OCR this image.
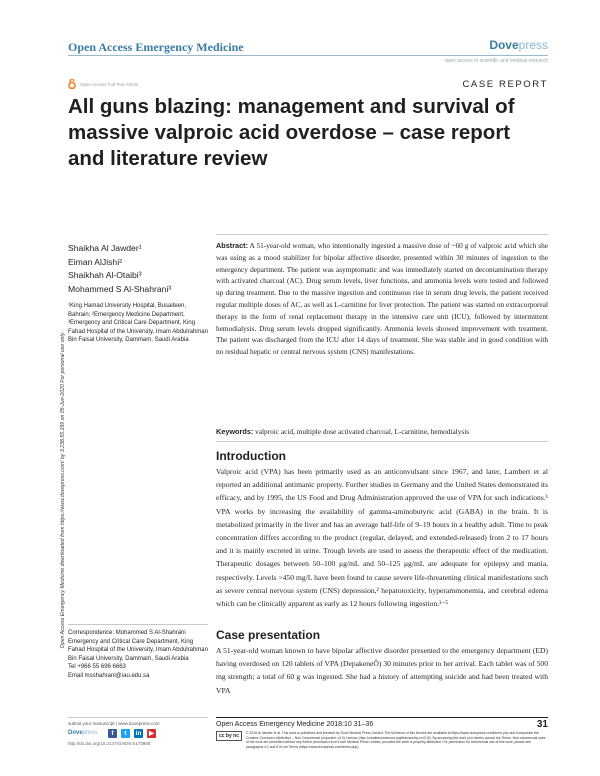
Open Access Emergency Medicine	Dovepress
open access to scientific and medical research
Open Access Full Text Article	CASE REPORT
All guns blazing: management and survival of massive valproic acid overdose – case report and literature review
Open Access Emergency Medicine downloaded from https://www.dovepress.com/ by 3.238.55.199 on 05-Jun-2020 For personal use only.
Shaikha Al Jawder¹
Eiman AlJishi²
Shaikhah Al-Otaibi³
Mohammed S Al-Shahrani³
¹King Hamad University Hospital, Busaiteen, Bahrain; ²Emergency Medicine Department, ³Emergency and Critical Care Department, King Fahad Hospital of the University, Imam Abdulrahman Bin Faisal University, Dammam, Saudi Arabia
Abstract: A 51-year-old woman, who intentionally ingested a massive dose of ~60 g of valproic acid which she was using as a mood stabilizer for bipolar affective disorder, presented within 30 minutes of ingestion to the emergency department. The patient was asymptomatic and was immediately started on decontamination therapy with activated charcoal (AC). Drug serum levels, liver functions, and ammonia levels were tested and followed up during treatment. Due to the massive ingestion and continuous rise in serum drug levels, the patient received regular multiple doses of AC, as well as L-carnitine for liver protection. The patient was started on extracorporeal therapy in the form of renal replacement therapy in the intensive care unit (ICU), followed by intermittent hemodialysis. Drug serum levels dropped significantly. Ammonia levels showed improvement with treatment. The patient was discharged from the ICU after 14 days of treatment. She was stable and in good condition with no residual hepatic or central nervous system (CNS) manifestations.
Keywords: valproic acid, multiple dose activated charcoal, L-carnitine, hemodialysis
Introduction
Valproic acid (VPA) has been primarily used as an anticonvulsant since 1967, and later, Lambert et al reported an additional antimanic property. Further studies in Germany and the United States demonstrated its efficacy, and by 1995, the US Food and Drug Administration approved the use of VPA for such indications.¹ VPA works by increasing the availability of gamma-aminobutyric acid (GABA) in the brain. It is metabolized primarily in the liver and has an average half-life of 9–19 hours in a healthy adult. Time to peak concentration differs according to the product (regular, delayed, and extended-released) from 2 to 17 hours and it is mainly excreted in urine. Trough levels are used to assess the therapeutic effect of the medication. Therapeutic dosages between 50–100 μg/mL and 50–125 μg/mL are adequate for epilepsy and mania, respectively. Levels >450 mg/L have been found to cause severe life-threatening clinical manifestations such as severe central nervous system (CNS) depression,² hepatotoxicity, hyperammonemia, and cerebral edema which can be clinically apparent as early as 12 hours following ingestion.³⁻⁵
Case presentation
A 51-year-old woman known to have bipolar affective disorder presented to the emergency department (ED) having overdosed on 120 tablets of VPA (DepakeneÔ) 30 minutes prior to her arrival. Each tablet was of 500 mg strength; a total of 60 g was ingested. She had a history of attempting suicide and had been treated with VPA
Correspondence: Mohammed S Al-Shahrani
Emergency and Critical Care Department, King Fahad Hospital of the University, Imam Abdulrahman Bin Faisal University, Dammam, Saudi Arabia
Tel +966 55 696 6663
Email msshahrani@iau.edu.sa
submit your manuscript | www.dovepress.com
Dovepress	f	t	in	▶
http://dx.doi.org/10.2147/OAEM.S173985
Open Access Emergency Medicine 2018:10 31–36	31
cc by nc	© 2018 Al Jawder et al. This work is published and licensed by Dove Medical Press Limited. The full terms of this license are available at https://www.dovepress.com/terms.php and incorporate the Creative Commons Attribution – Non Commercial (unported, v3.0) License (http://creativecommons.org/licenses/by-nc/3.0/). By accessing the work you hereby accept the Terms. Non-commercial uses of the work are permitted without any further permission from Dove Medical Press Limited, provided the work is properly attributed. For permission for commercial use of this work, please see paragraphs 4.2 and 5 of our Terms (https://www.dovepress.com/terms.php).
